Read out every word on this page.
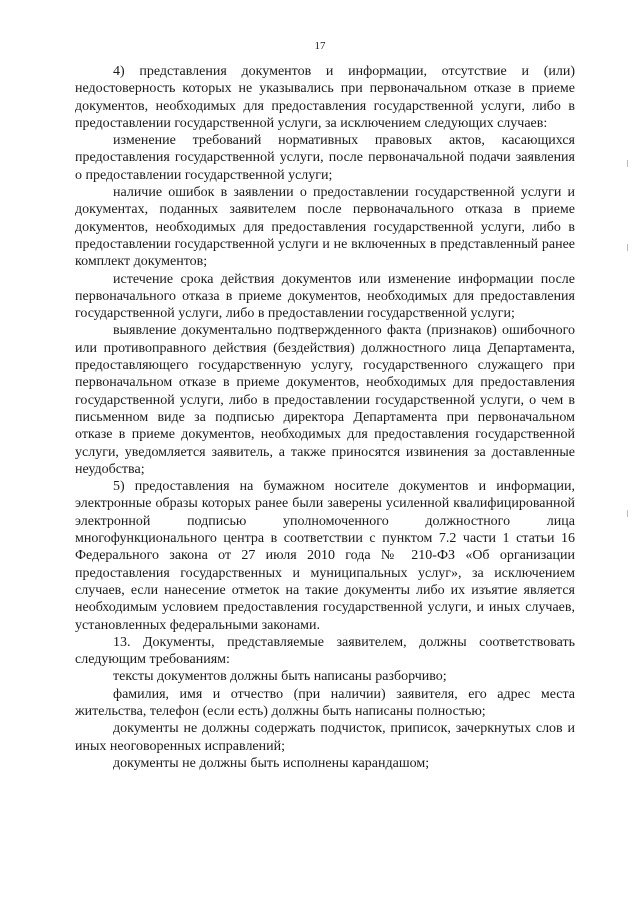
17

4) представления документов и информации, отсутствие и (или) недостоверность которых не указывались при первоначальном отказе в приеме документов, необходимых для предоставления государственной услуги, либо в предоставлении государственной услуги, за исключением следующих случаев:

изменение требований нормативных правовых актов, касающихся предоставления государственной услуги, после первоначальной подачи заявления о предоставлении государственной услуги;

наличие ошибок в заявлении о предоставлении государственной услуги и документах, поданных заявителем после первоначального отказа в приеме документов, необходимых для предоставления государственной услуги, либо в предоставлении государственной услуги и не включенных в представленный ранее комплект документов;

истечение срока действия документов или изменение информации после первоначального отказа в приеме документов, необходимых для предоставления государственной услуги, либо в предоставлении государственной услуги;

выявление документально подтвержденного факта (признаков) ошибочного или противоправного действия (бездействия) должностного лица Департамента, предоставляющего государственную услугу, государственного служащего при первоначальном отказе в приеме документов, необходимых для предоставления государственной услуги, либо в предоставлении государственной услуги, о чем в письменном виде за подписью директора Департамента при первоначальном отказе в приеме документов, необходимых для предоставления государственной услуги, уведомляется заявитель, а также приносятся извинения за доставленные неудобства;

5) предоставления на бумажном носителе документов и информации, электронные образы которых ранее были заверены усиленной квалифицированной электронной подписью уполномоченного должностного лица многофункционального центра в соответствии с пунктом 7.2 части 1 статьи 16 Федерального закона от 27 июля 2010 года № 210-ФЗ «Об организации предоставления государственных и муниципальных услуг», за исключением случаев, если нанесение отметок на такие документы либо их изъятие является необходимым условием предоставления государственной услуги, и иных случаев, установленных федеральными законами.

13. Документы, представляемые заявителем, должны соответствовать следующим требованиям:

тексты документов должны быть написаны разборчиво;

фамилия, имя и отчество (при наличии) заявителя, его адрес места жительства, телефон (если есть) должны быть написаны полностью;

документы не должны содержать подчисток, приписок, зачеркнутых слов и иных неоговоренных исправлений;

документы не должны быть исполнены карандашом;
